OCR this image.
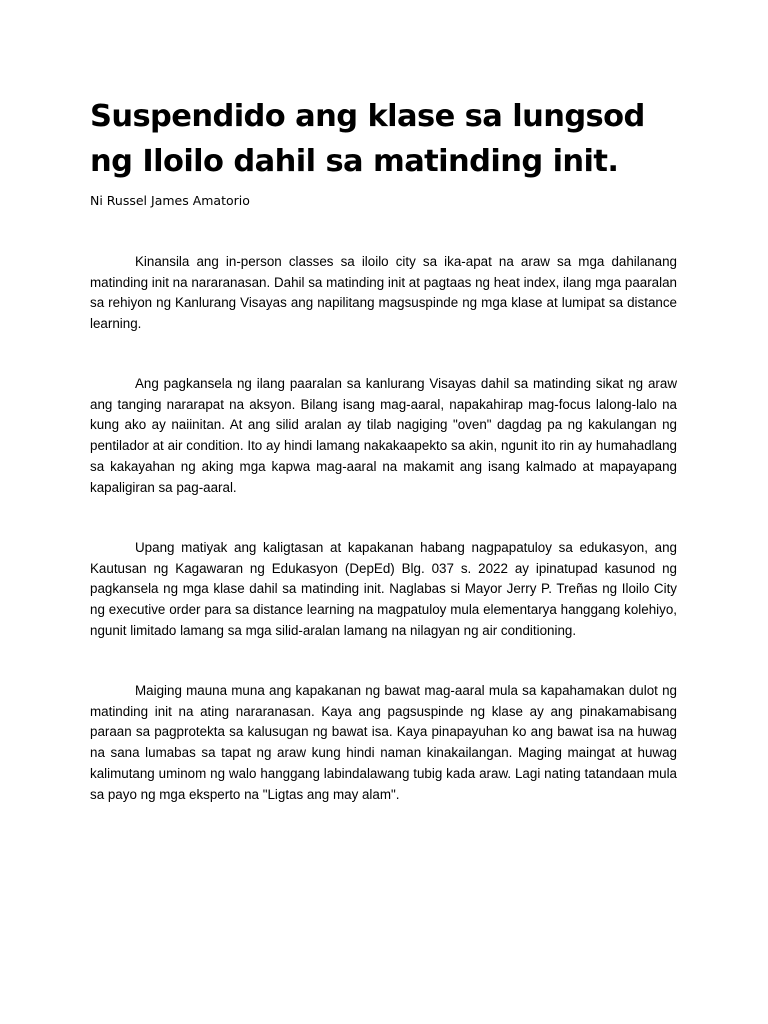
Suspendido ang klase sa lungsod
ng Iloilo dahil sa matinding init.

Ni Russel James Amatorio

Kinansila ang in-person classes sa iloilo city sa ika-apat na araw sa mga dahilanang matinding init na nararanasan. Dahil sa matinding init at pagtaas ng heat index, ilang mga paaralan sa rehiyon ng Kanlurang Visayas ang napilitang magsuspinde ng mga klase at lumipat sa distance learning.

Ang pagkansela ng ilang paaralan sa kanlurang Visayas dahil sa matinding sikat ng araw ang tanging nararapat na aksyon. Bilang isang mag-aaral, napakahirap mag-focus lalong-lalo na kung ako ay naiinitan. At ang silid aralan ay tilab nagiging "oven" dagdag pa ng kakulangan ng pentilador at air condition. Ito ay hindi lamang nakakaapekto sa akin, ngunit ito rin ay humahadlang sa kakayahan ng aking mga kapwa mag-aaral na makamit ang isang kalmado at mapayapang kapaligiran sa pag-aaral.

Upang matiyak ang kaligtasan at kapakanan habang nagpapatuloy sa edukasyon, ang Kautusan ng Kagawaran ng Edukasyon (DepEd) Blg. 037 s. 2022 ay ipinatupad kasunod ng pagkansela ng mga klase dahil sa matinding init. Naglabas si Mayor Jerry P. Treñas ng Iloilo City ng executive order para sa distance learning na magpatuloy mula elementarya hanggang kolehiyo, ngunit limitado lamang sa mga silid-aralan lamang na nilagyan ng air conditioning.

Maiging mauna muna ang kapakanan ng bawat mag-aaral mula sa kapahamakan dulot ng matinding init na ating nararanasan. Kaya ang pagsuspinde ng klase ay ang pinakamabisang paraan sa pagprotekta sa kalusugan ng bawat isa. Kaya pinapayuhan ko ang bawat isa na huwag na sana lumabas sa tapat ng araw kung hindi naman kinakailangan. Maging maingat at huwag kalimutang uminom ng walo hanggang labindalawang tubig kada araw. Lagi nating tatandaan mula sa payo ng mga eksperto na "Ligtas ang may alam".
